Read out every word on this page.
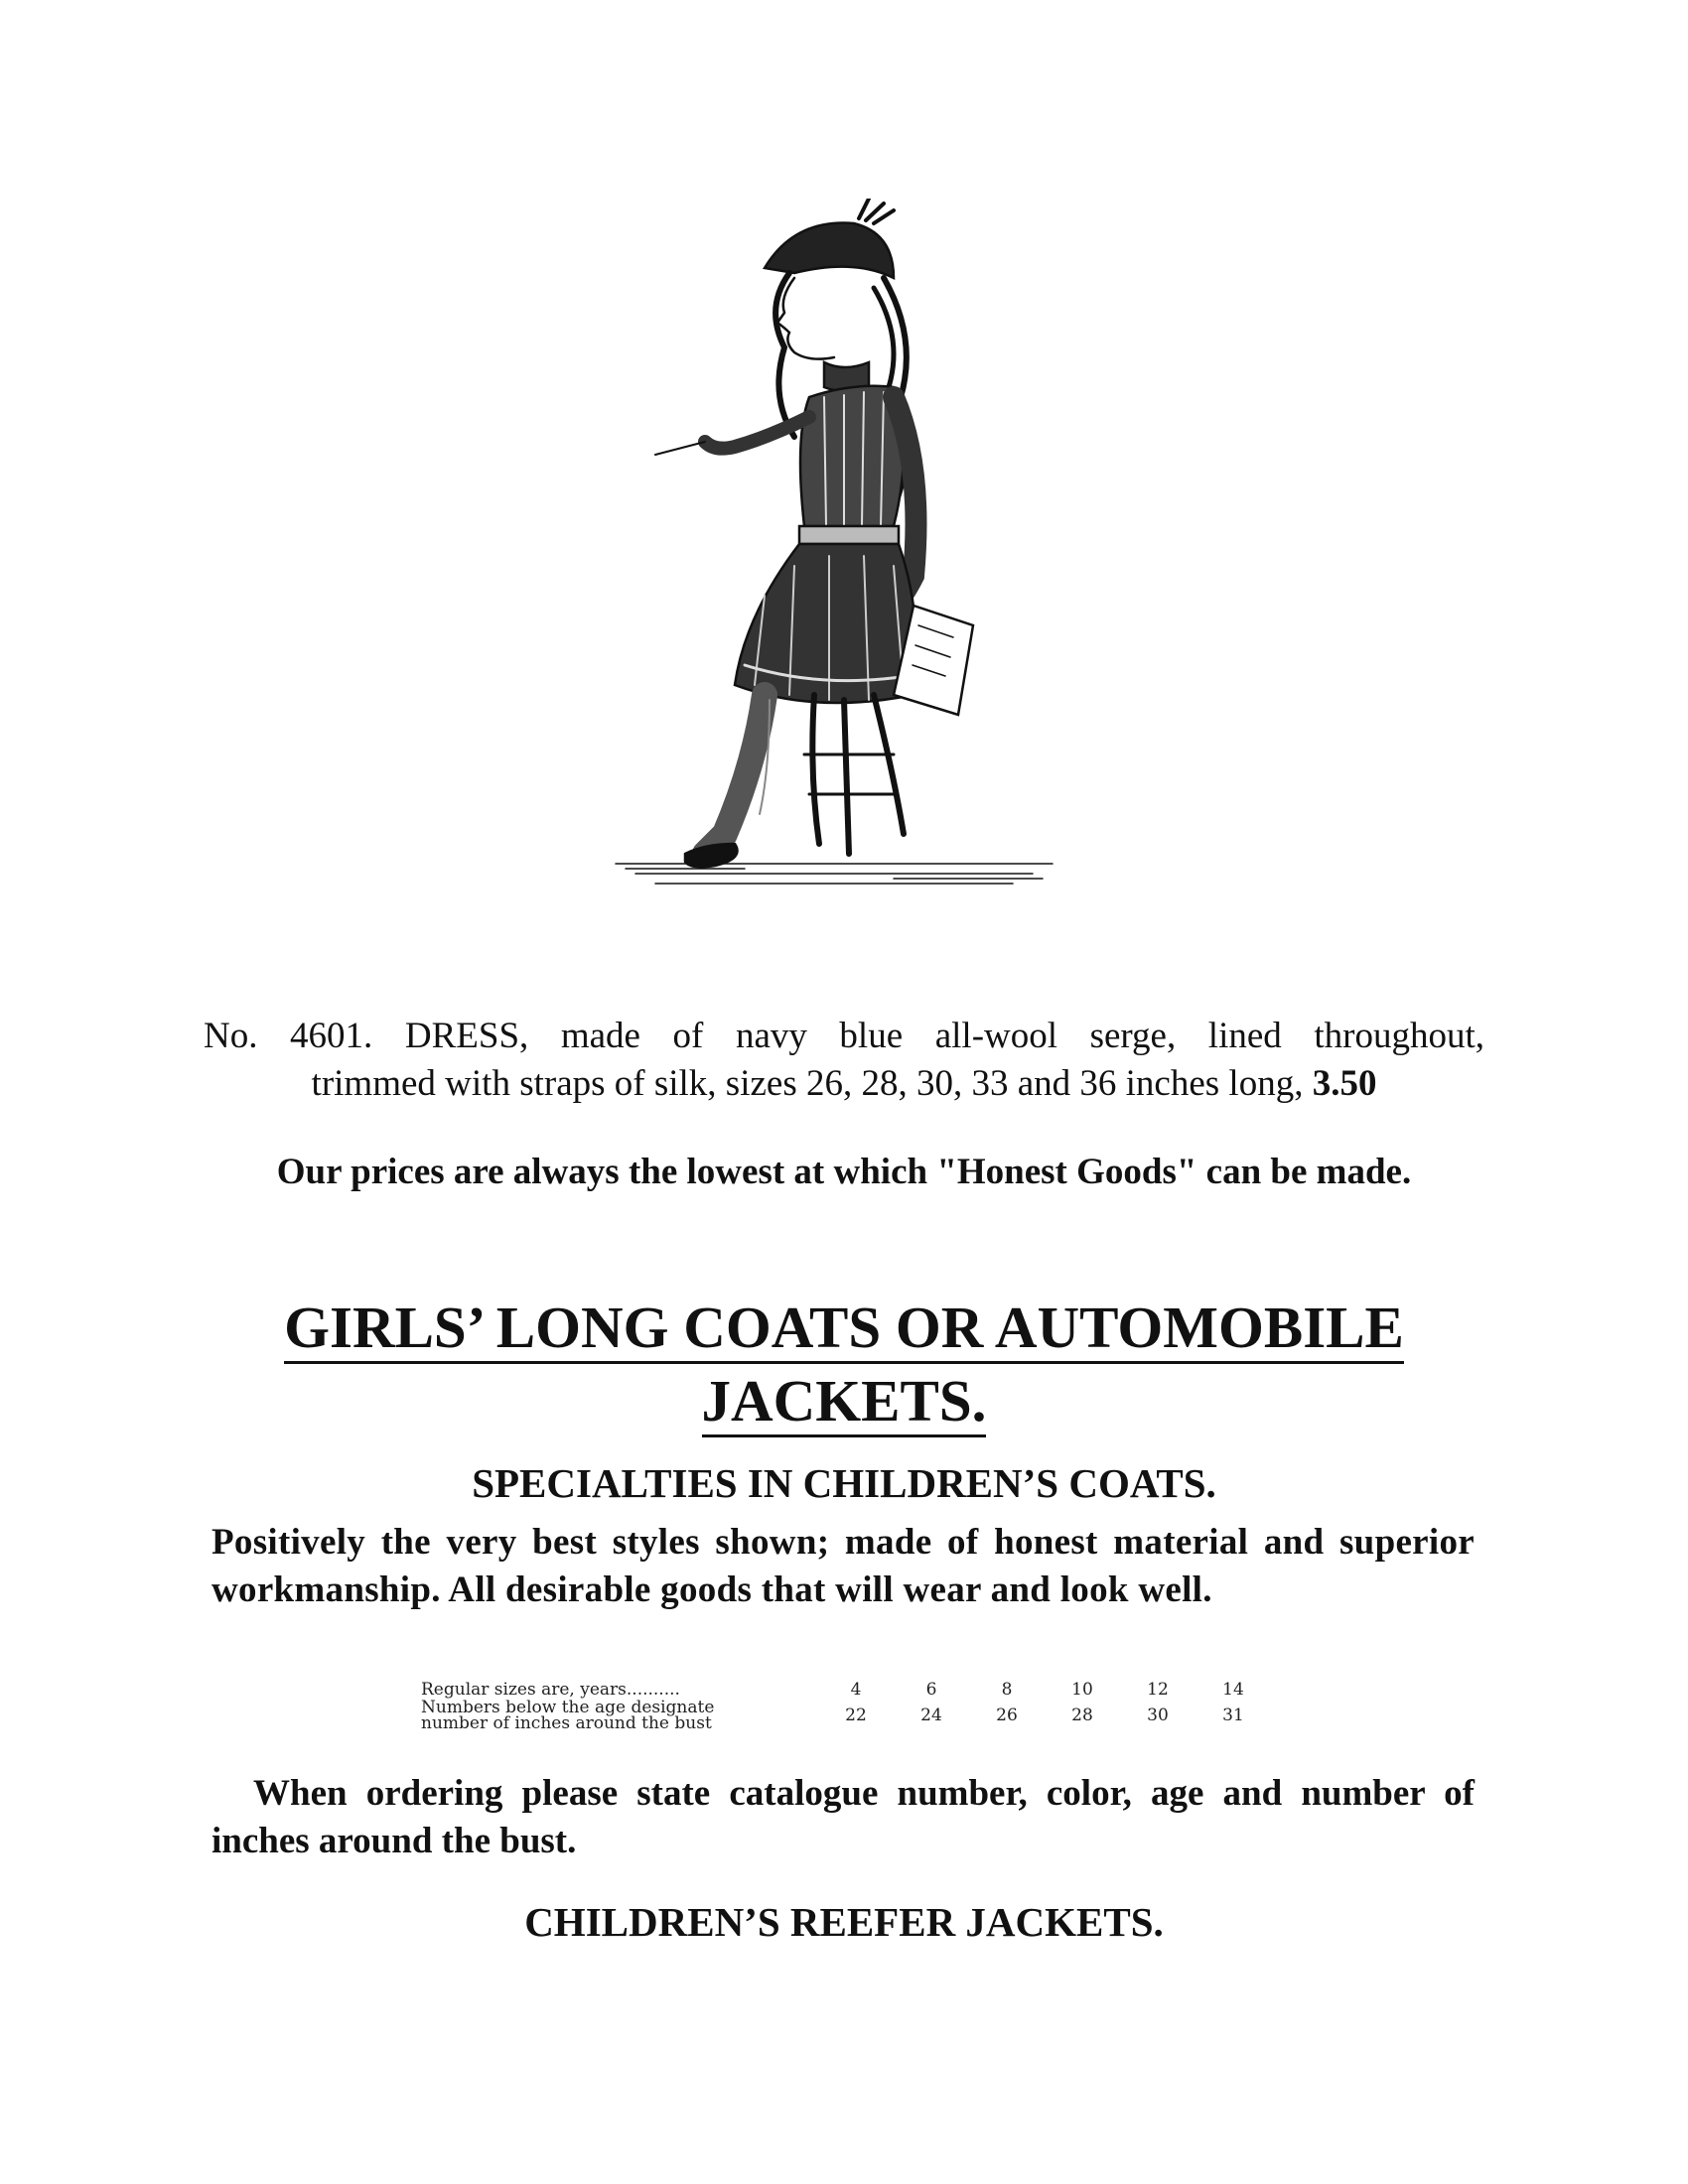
No. 4601. DRESS, made of navy blue all-wool serge, lined throughout,
trimmed with straps of silk, sizes 26, 28, 30, 33 and 36 inches long, 3.50
Our prices are always the lowest at which "Honest Goods" can be made.
GIRLS’ LONG COATS OR AUTOMOBILE
JACKETS.
SPECIALTIES IN CHILDREN’S COATS.
Positively the very best styles shown; made of honest material and superior workmanship. All desirable goods that will wear and look well.
Regular sizes are, years..........	4	6	8	10	12	14
Numbers below the age designate
number of inches around the bust	22	24	26	28	30	31
When ordering please state catalogue number, color, age and number of inches around the bust.
CHILDREN’S REEFER JACKETS.
